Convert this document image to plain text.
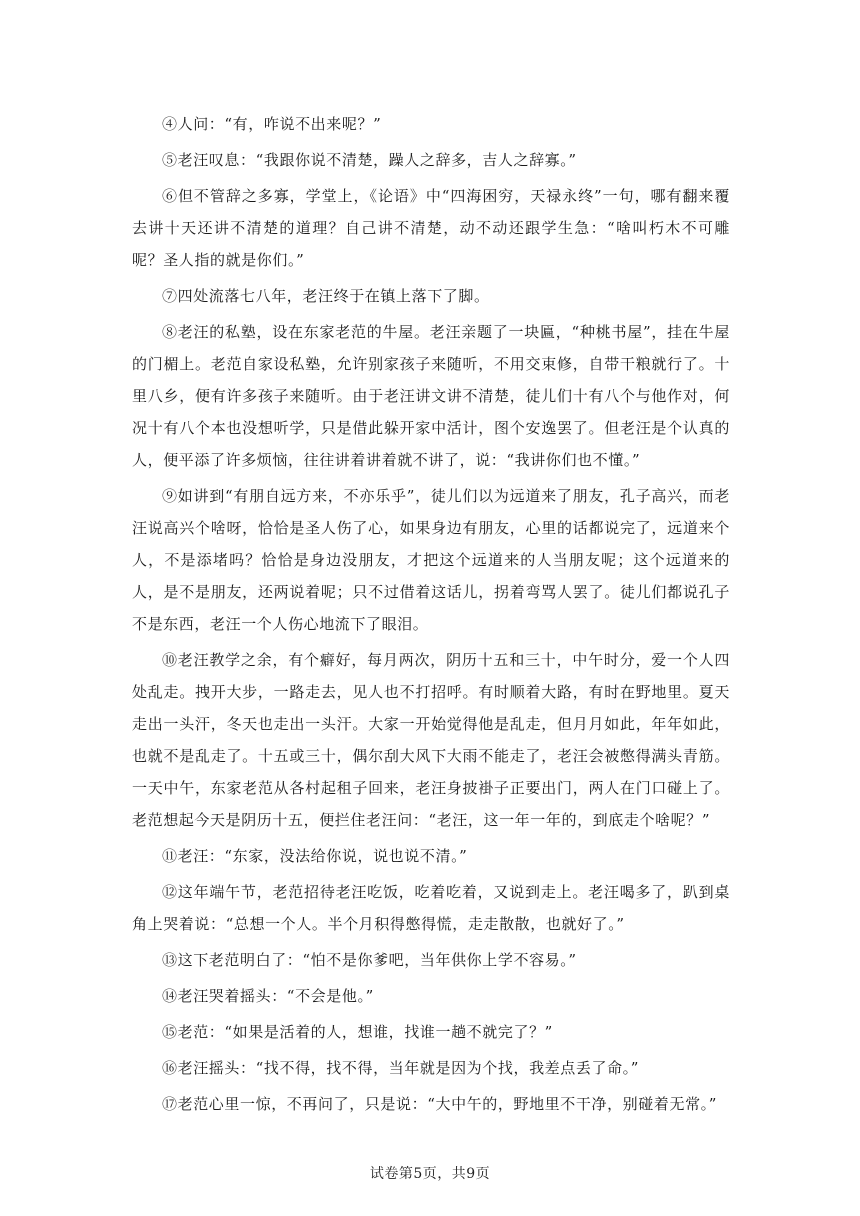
④人问：“有，咋说不出来呢？”

⑤老汪叹息：“我跟你说不清楚，躁人之辞多，吉人之辞寡。”

⑥但不管辞之多寡，学堂上，《论语》中“四海困穷，天禄永终”一句，哪有翻来覆去讲十天还讲不清楚的道理？自己讲不清楚，动不动还跟学生急：“啥叫朽木不可雕呢？圣人指的就是你们。”

⑦四处流落七八年，老汪终于在镇上落下了脚。

⑧老汪的私塾，设在东家老范的牛屋。老汪亲题了一块匾，“种桃书屋”，挂在牛屋的门楣上。老范自家设私塾，允许别家孩子来随听，不用交束修，自带干粮就行了。十里八乡，便有许多孩子来随听。由于老汪讲文讲不清楚，徒儿们十有八个与他作对，何况十有八个本也没想听学，只是借此躲开家中活计，图个安逸罢了。但老汪是个认真的人，便平添了许多烦恼，往往讲着讲着就不讲了，说：“我讲你们也不懂。”

⑨如讲到“有朋自远方来，不亦乐乎”，徒儿们以为远道来了朋友，孔子高兴，而老汪说高兴个啥呀，恰恰是圣人伤了心，如果身边有朋友，心里的话都说完了，远道来个人，不是添堵吗？恰恰是身边没朋友，才把这个远道来的人当朋友呢；这个远道来的人，是不是朋友，还两说着呢；只不过借着这话儿，拐着弯骂人罢了。徒儿们都说孔子不是东西，老汪一个人伤心地流下了眼泪。

⑩老汪教学之余，有个癖好，每月两次，阴历十五和三十，中午时分，爱一个人四处乱走。拽开大步，一路走去，见人也不打招呼。有时顺着大路，有时在野地里。夏天走出一头汗，冬天也走出一头汗。大家一开始觉得他是乱走，但月月如此，年年如此，也就不是乱走了。十五或三十，偶尔刮大风下大雨不能走了，老汪会被憋得满头青筋。一天中午，东家老范从各村起租子回来，老汪身披褂子正要出门，两人在门口碰上了。老范想起今天是阴历十五，便拦住老汪问：“老汪，这一年一年的，到底走个啥呢？”

⑪老汪：“东家，没法给你说，说也说不清。”

⑫这年端午节，老范招待老汪吃饭，吃着吃着，又说到走上。老汪喝多了，趴到桌角上哭着说：“总想一个人。半个月积得憋得慌，走走散散，也就好了。”

⑬这下老范明白了：“怕不是你爹吧，当年供你上学不容易。”

⑭老汪哭着摇头：“不会是他。”

⑮老范：“如果是活着的人，想谁，找谁一趟不就完了？”

⑯老汪摇头：“找不得，找不得，当年就是因为个找，我差点丢了命。”

⑰老范心里一惊，不再问了，只是说：“大中午的，野地里不干净，别碰着无常。”

试卷第5页，共9页
